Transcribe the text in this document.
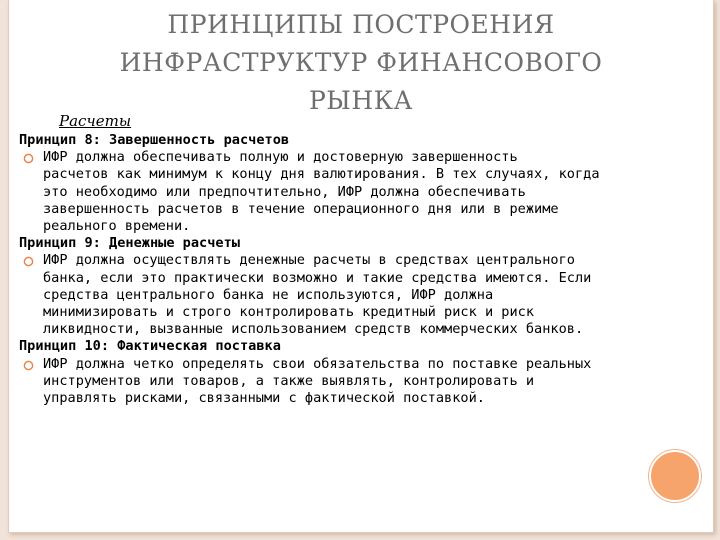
ПРИНЦИПЫ ПОСТРОЕНИЯ
ИНФРАСТРУКТУР ФИНАНСОВОГО
РЫНКА
Расчеты

Принцип 8: Завершенность расчетов

ИФР должна обеспечивать полную и достоверную завершенность
расчетов как минимум к концу дня валютирования. В тех случаях, когда
это необходимо или предпочтительно, ИФР должна обеспечивать
завершенность расчетов в течение операционного дня или в режиме
реального времени.

Принцип 9: Денежные расчеты

ИФР должна осуществлять денежные расчеты в средствах центрального
банка, если это практически возможно и такие средства имеются. Если
средства центрального банка не используются, ИФР должна
минимизировать и строго контролировать кредитный риск и риск
ликвидности, вызванные использованием средств коммерческих банков.

Принцип 10: Фактическая поставка

ИФР должна четко определять свои обязательства по поставке реальных
инструментов или товаров, а также выявлять, контролировать и
управлять рисками, связанными с фактической поставкой.
